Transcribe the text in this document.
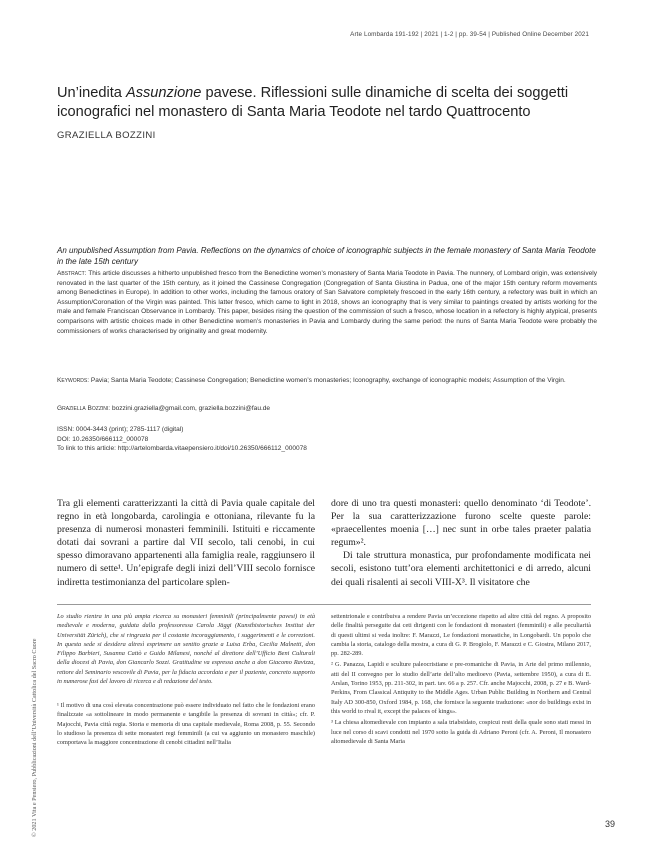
Arte Lombarda 191-192 | 2021 | 1-2 | pp. 39-54 | Published Online December 2021
Un’inedita Assunzione pavese. Riflessioni sulle dinamiche di scelta dei soggetti iconografici nel monastero di Santa Maria Teodote nel tardo Quattrocento
GRAZIELLA BOZZINI
An unpublished Assumption from Pavia. Reflections on the dynamics of choice of iconographic subjects in the female monastery of Santa Maria Teodote in the late 15th century
Abstract: This article discusses a hitherto unpublished fresco from the Benedictine women’s monastery of Santa Maria Teodote in Pavia. The nunnery, of Lombard origin, was extensively renovated in the last quarter of the 15th century, as it joined the Cassinese Congregation (Congregation of Santa Giustina in Padua, one of the major 15th century reform movements among Benedictines in Europe). In addition to other works, including the famous oratory of San Salvatore completely frescoed in the early 16th century, a refectory was built in which an Assumption/Coronation of the Virgin was painted. This latter fresco, which came to light in 2018, shows an iconography that is very similar to paintings created by artists working for the male and female Franciscan Observance in Lombardy. This paper, besides rising the question of the commission of such a fresco, whose location in a refectory is highly atypical, presents comparisons with artistic choices made in other Benedictine women’s monasteries in Pavia and Lombardy during the same period: the nuns of Santa Maria Teodote were probably the commissioners of works characterised by originality and great modernity.
Keywords: Pavia; Santa Maria Teodote; Cassinese Congregation; Benedictine women’s monasteries; Iconography, exchange of iconographic models; Assumption of the Virgin.
Graziella Bozzini: bozzini.graziella@gmail.com, graziella.bozzini@fau.de
ISSN: 0004-3443 (print); 2785-1117 (digital)
DOI: 10.26350/666112_000078
To link to this article: http://artelombarda.vitaepensiero.it/doi/10.26350/666112_000078
© 2021 Vita e Pensiero, Pubblicazioni dell’Università Cattolica del Sacro Cuore

Tra gli elementi caratterizzanti la città di Pavia quale capitale del regno in età longobarda, carolingia e ottoniana, rilevante fu la presenza di numerosi monasteri femminili. Istituiti e riccamente dotati dai sovrani a partire dal VII secolo, tali cenobi, in cui spesso dimoravano appartenenti alla famiglia reale, raggiunsero il numero di sette¹. Un’epigrafe degli inizi dell’VIII secolo fornisce indiretta testimonianza del particolare splen-

dore di uno tra questi monasteri: quello denominato ‘di Teodote’. Per la sua caratterizzazione furono scelte queste parole: «praecellentes moenia […] nec sunt in orbe tales praeter palatia regum»².

Di tale struttura monastica, pur profondamente modificata nei secoli, esistono tutt’ora elementi architettonici e di arredo, alcuni dei quali risalenti ai secoli VIII-X³. Il visitatore che

Lo studio rientra in una più ampia ricerca su monasteri femminili (principalmente pavesi) in età medievale e moderna, guidata dalla professoressa Carola Jäggi (Kunsthistorisches Institut der Universität Zürich), che si ringrazia per il costante incoraggiamento, i suggerimenti e le correzioni. In questa sede si desidera altresì esprimere un sentito grazie a Luisa Erba, Cecilia Malnetti, don Filippo Barbieri, Susanna Cattò e Guido Milanesi, nonché al direttore dell’Ufficio Beni Culturali della diocesi di Pavia, don Giancarlo Sozzi. Gratitudine va espressa anche a don Giacomo Ravizza, rettore del Seminario vescovile di Pavia, per la fiducia accordata e per il paziente, concreto supporto in numerose fasi del lavoro di ricerca e di redazione del testo.

¹ Il motivo di una così elevata concentrazione può essere individuato nel fatto che le fondazioni erano finalizzate «a sottolineare in modo permanente e tangibile la presenza di sovrani in città»; cfr. P. Majocchi, Pavia città regia. Storia e memoria di una capitale medievale, Roma 2008, p. 55. Secondo lo studioso la presenza di sette monasteri regi femminili (a cui va aggiunto un monastero maschile) comportava la maggiore concentrazione di cenobi cittadini nell’Italia

settentrionale e contribuiva a rendere Pavia un’eccezione rispetto ad altre città del regno. A proposito delle finalità perseguite dai ceti dirigenti con le fondazioni di monasteri (femminili) e alle peculiarità di questi ultimi si veda inoltre: F. Marazzi, Le fondazioni monastiche, in Longobardi. Un popolo che cambia la storia, catalogo della mostra, a cura di G. P. Brogiolo, F. Marazzi e C. Giostra, Milano 2017, pp. 282-289.

² G. Panazza, Lapidi e sculture paleocristiane e pre-romaniche di Pavia, in Arte del primo millennio, atti del II convegno per lo studio dell’arte dell’alto medioevo (Pavia, settembre 1950), a cura di E. Arslan, Torino 1953, pp. 211-302, in part. tav. 66 a p. 257. Cfr. anche Majocchi, 2008, p. 27 e B. Ward-Perkins, From Classical Antiquity to the Middle Ages. Urban Public Building in Northern and Central Italy AD 300-850, Oxford 1984, p. 168, che fornisce la seguente traduzione: «nor do buildings exist in this world to rival it, except the palaces of kings».

³ La chiesa altomedievale con impianto a sala triabsidato, cospicui resti della quale sono stati messi in luce nel corso di scavi condotti nel 1970 sotto la guida di Adriano Peroni (cfr. A. Peroni, Il monastero altomedievale di Santa Maria

39
